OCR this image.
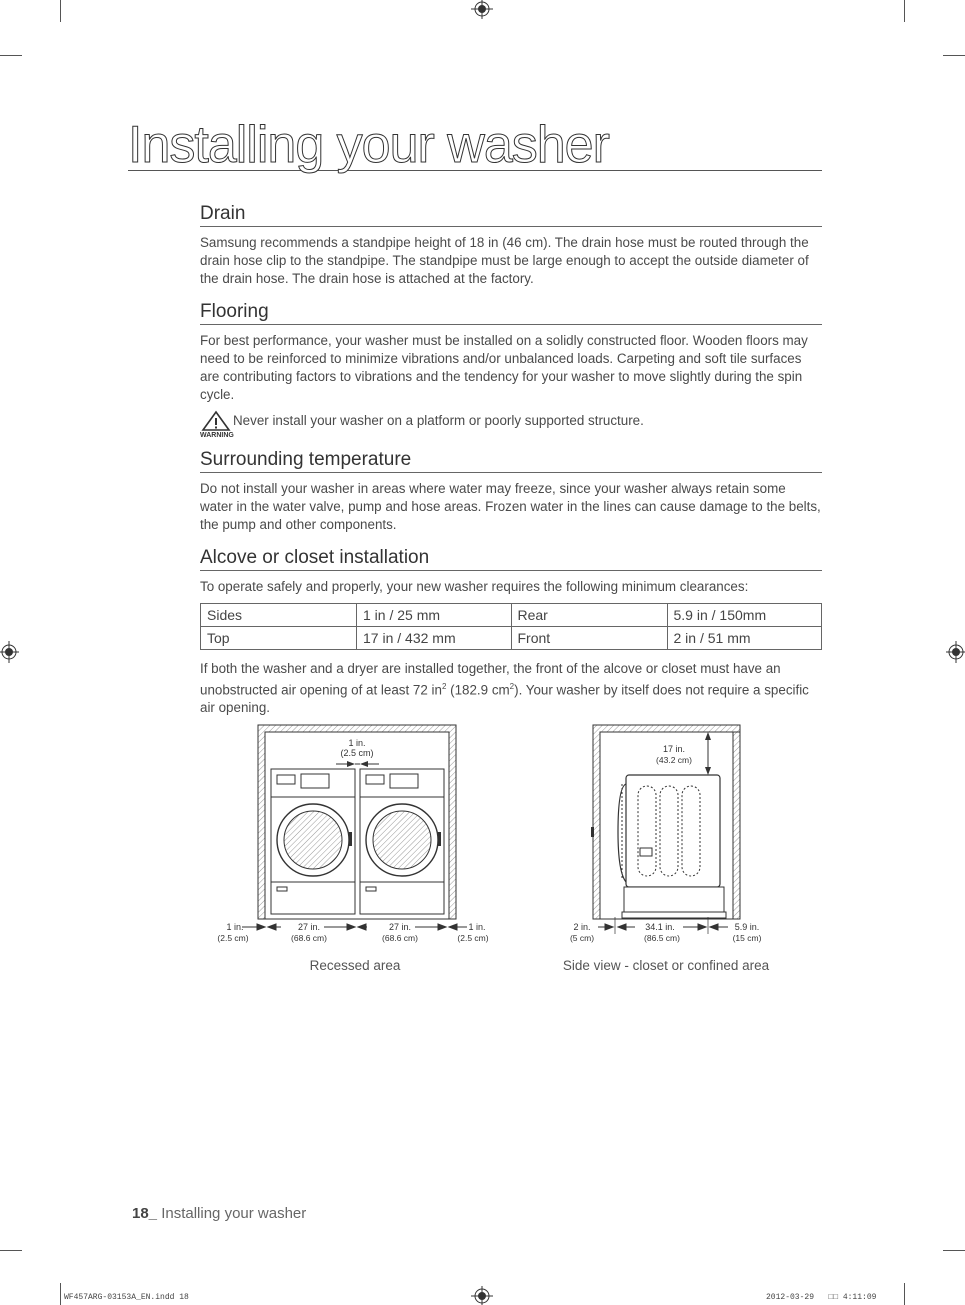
Installing your washer
Drain
Samsung recommends a standpipe height of 18 in (46 cm). The drain hose must be routed through the drain hose clip to the standpipe. The standpipe must be large enough to accept the outside diameter of the drain hose. The drain hose is attached at the factory.
Flooring
For best performance, your washer must be installed on a solidly constructed floor. Wooden floors may need to be reinforced to minimize vibrations and/or unbalanced loads. Carpeting and soft tile surfaces are contributing factors to vibrations and the tendency for your washer to move slightly during the spin cycle.
WARNING
Never install your washer on a platform or poorly supported structure.
Surrounding temperature
Do not install your washer in areas where water may freeze, since your washer always retain some water in the water valve, pump and hose areas. Frozen water in the lines can cause damage to the belts, the pump and other components.
Alcove or closet installation
To operate safely and properly, your new washer requires the following minimum clearances:
Sides	1 in / 25 mm	Rear	5.9 in / 150mm
Top	17 in / 432 mm	Front	2 in / 51 mm
If both the washer and a dryer are installed together, the front of the alcove or closet must have an unobstructed air opening of at least 72 $in^2$ (182.9 $cm^2$). Your washer by itself does not require a specific air opening.
1 in.
(2.5 cm)
1 in.
(2.5 cm)
27 in.
(68.6 cm)
27 in.
(68.6 cm)
1 in.
(2.5 cm)
Recessed area
17 in.
(43.2 cm)
2 in.
(5 cm)
34.1 in.
(86.5 cm)
5.9 in.
(15 cm)
Side view - closet or confined area
18_ Installing your washer
WF457ARG-03153A_EN.indd 18	2012-03-29   □□ 4:11:09
